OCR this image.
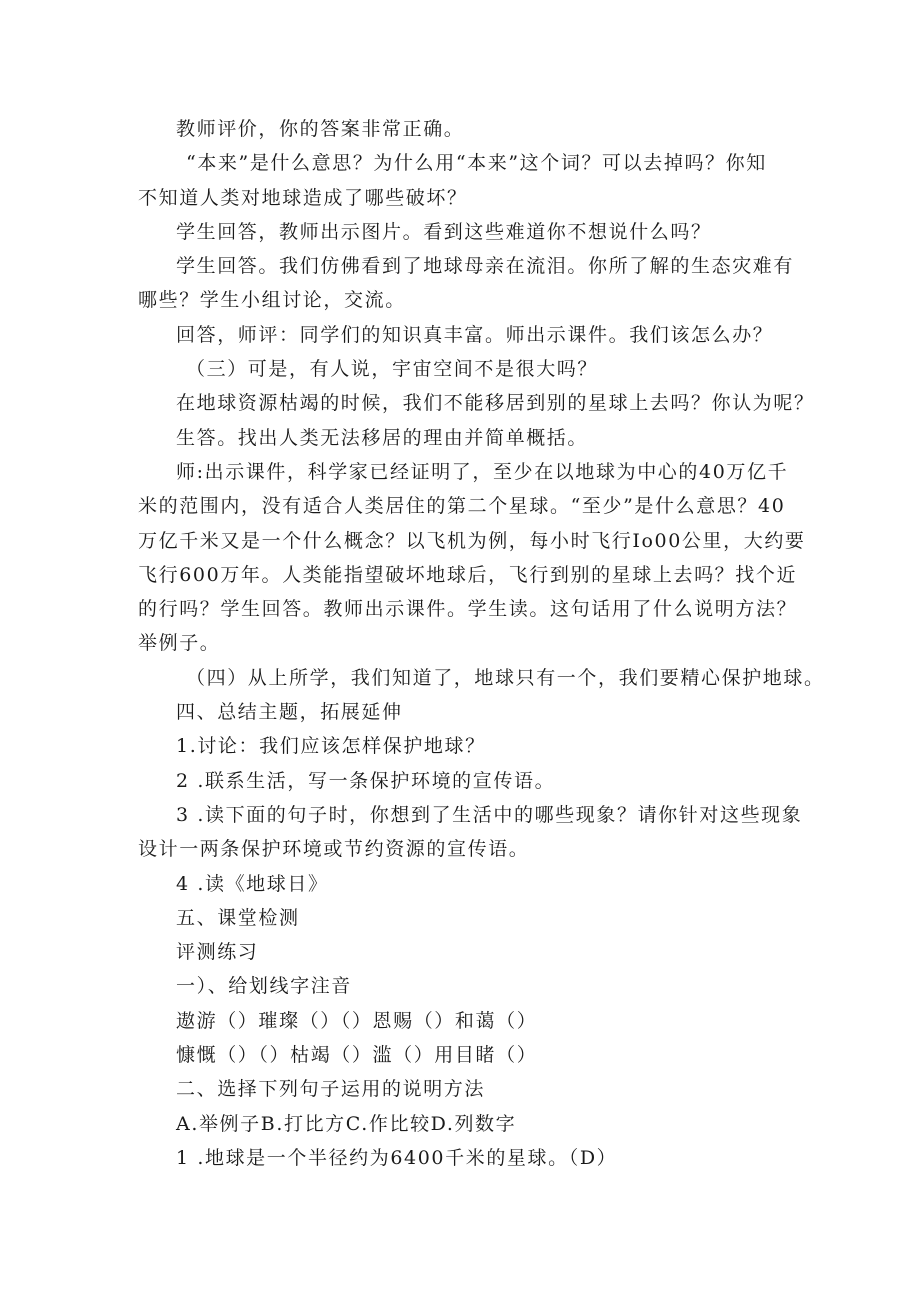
教师评价，你的答案非常正确。
“本来”是什么意思？为什么用“本来”这个词？可以去掉吗？你知
不知道人类对地球造成了哪些破坏？
学生回答，教师出示图片。看到这些难道你不想说什么吗？
学生回答。我们仿佛看到了地球母亲在流泪。你所了解的生态灾难有
哪些？学生小组讨论，交流。
回答，师评：同学们的知识真丰富。师出示课件。我们该怎么办？
（三）可是，有人说，宇宙空间不是很大吗？
在地球资源枯竭的时候，我们不能移居到别的星球上去吗？你认为呢？
生答。找出人类无法移居的理由并简单概括。
师:出示课件，科学家已经证明了，至少在以地球为中心的40万亿千
米的范围内，没有适合人类居住的第二个星球。“至少”是什么意思？40
万亿千米又是一个什么概念？以飞机为例，每小时飞行Io00公里，大约要
飞行600万年。人类能指望破坏地球后，飞行到别的星球上去吗？找个近
的行吗？学生回答。教师出示课件。学生读。这句话用了什么说明方法？
举例子。
（四）从上所学，我们知道了，地球只有一个，我们要精心保护地球。
四、总结主题，拓展延伸
1.讨论：我们应该怎样保护地球？
2 .联系生活，写一条保护环境的宣传语。
3 .读下面的句子时，你想到了生活中的哪些现象？请你针对这些现象
设计一两条保护环境或节约资源的宣传语。
4 .读《地球日》
五、课堂检测
评测练习
一）、给划线字注音
遨游（）璀璨（）（）恩赐（）和蔼（）
慷慨（）（）枯竭（）滥（）用目睹（）
二、选择下列句子运用的说明方法
A.举例子B.打比方C.作比较D.列数字
1 .地球是一个半径约为6400千米的星球。（D）
